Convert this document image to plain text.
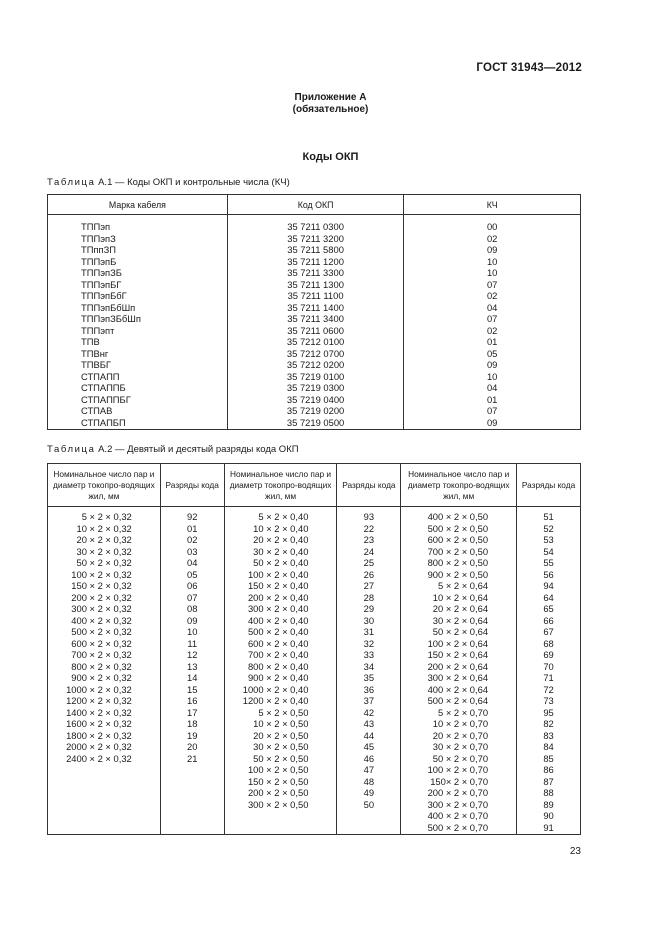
ГОСТ 31943—2012
Приложение А
(обязательное)
Коды ОКП
Таблица А.1 — Коды ОКП и контрольные числа (КЧ)
Марка кабеля	Код ОКП	КЧ
ТППэп	35 7211 0300	00
ТППэпЗ	35 7211 3200	02
ТПппЗП	35 7211 5800	09
ТППэпБ	35 7211 1200	10
ТППэпЗБ	35 7211 3300	10
ТППэпБГ	35 7211 1300	07
ТППэпБбГ	35 7211 1100	02
ТППэпБбШп	35 7211 1400	04
ТППэпЗБбШп	35 7211 3400	07
ТППэпт	35 7211 0600	02
ТПВ	35 7212 0100	01
ТПВнг	35 7212 0700	05
ТПВБГ	35 7212 0200	09
СТПАПП	35 7219 0100	10
СТПАППБ	35 7219 0300	04
СТПАППБГ	35 7219 0400	01
СТПАВ	35 7219 0200	07
СТПАПБП	35 7219 0500	09
Таблица А.2 — Девятый и десятый разряды кода ОКП
Номинальное число пар и диаметр токопро-водящих жил, мм	Разряды кода	Номинальное число пар и диаметр токопро-водящих жил, мм	Разряды кода	Номинальное число пар и диаметр токопро-водящих жил, мм	Разряды кода
5 × 2 × 0,32	92	5 × 2 × 0,40	93	400 × 2 × 0,50	51
10 × 2 × 0,32	01	10 × 2 × 0,40	22	500 × 2 × 0,50	52
20 × 2 × 0,32	02	20 × 2 × 0,40	23	600 × 2 × 0,50	53
30 × 2 × 0,32	03	30 × 2 × 0,40	24	700 × 2 × 0,50	54
50 × 2 × 0,32	04	50 × 2 × 0,40	25	800 × 2 × 0,50	55
100 × 2 × 0,32	05	100 × 2 × 0,40	26	900 × 2 × 0,50	56
150 × 2 × 0,32	06	150 × 2 × 0,40	27	5 × 2 × 0,64	94
200 × 2 × 0,32	07	200 × 2 × 0,40	28	10 × 2 × 0,64	64
300 × 2 × 0,32	08	300 × 2 × 0,40	29	20 × 2 × 0,64	65
400 × 2 × 0,32	09	400 × 2 × 0,40	30	30 × 2 × 0,64	66
500 × 2 × 0,32	10	500 × 2 × 0,40	31	50 × 2 × 0,64	67
600 × 2 × 0,32	11	600 × 2 × 0,40	32	100 × 2 × 0,64	68
700 × 2 × 0,32	12	700 × 2 × 0,40	33	150 × 2 × 0,64	69
800 × 2 × 0,32	13	800 × 2 × 0,40	34	200 × 2 × 0,64	70
900 × 2 × 0,32	14	900 × 2 × 0,40	35	300 × 2 × 0,64	71
1000 × 2 × 0,32	15	1000 × 2 × 0,40	36	400 × 2 × 0,64	72
1200 × 2 × 0,32	16	1200 × 2 × 0,40	37	500 × 2 × 0,64	73
1400 × 2 × 0,32	17	5 × 2 × 0,50	42	5 × 2 × 0,70	95
1600 × 2 × 0,32	18	10 × 2 × 0,50	43	10 × 2 × 0,70	82
1800 × 2 × 0,32	19	20 × 2 × 0,50	44	20 × 2 × 0,70	83
2000 × 2 × 0,32	20	30 × 2 × 0,50	45	30 × 2 × 0,70	84
2400 × 2 × 0,32	21	50 × 2 × 0,50	46	50 × 2 × 0,70	85
		100 × 2 × 0,50	47	100 × 2 × 0,70	86
		150 × 2 × 0,50	48	150× 2 × 0,70	87
		200 × 2 × 0,50	49	200 × 2 × 0,70	88
		300 × 2 × 0,50	50	300 × 2 × 0,70	89
				400 × 2 × 0,70	90
				500 × 2 × 0,70	91
23
